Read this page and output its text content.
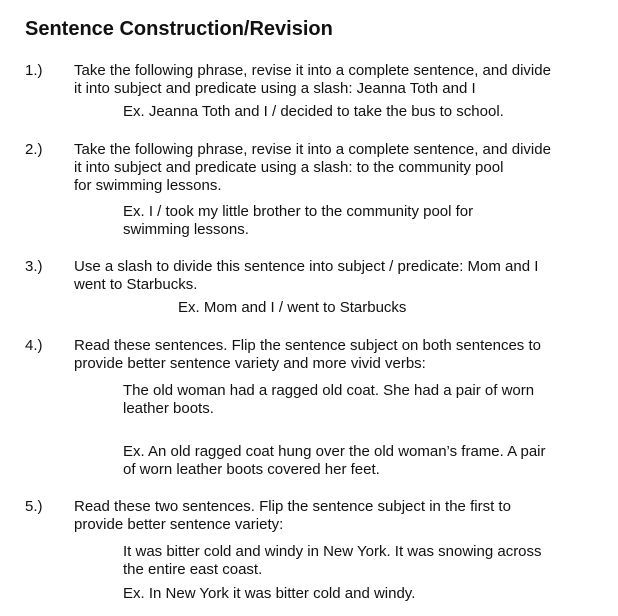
Sentence Construction/Revision
1.) Take the following phrase, revise it into a complete sentence, and divide
it into subject and predicate using a slash: Jeanna Toth and I
Ex. Jeanna Toth and I / decided to take the bus to school.
2.) Take the following phrase, revise it into a complete sentence, and divide
it into subject and predicate using a slash: to the community pool
for swimming lessons.
Ex. I / took my little brother to the community pool for
swimming lessons.
3.) Use a slash to divide this sentence into subject / predicate: Mom and I
went to Starbucks.
Ex. Mom and I / went to Starbucks
4.) Read these sentences. Flip the sentence subject on both sentences to
provide better sentence variety and more vivid verbs:
The old woman had a ragged old coat. She had a pair of worn
leather boots.
Ex. An old ragged coat hung over the old woman’s frame. A pair
of worn leather boots covered her feet.
5.) Read these two sentences. Flip the sentence subject in the first to
provide better sentence variety:
It was bitter cold and windy in New York. It was snowing across
the entire east coast.
Ex. In New York it was bitter cold and windy.
